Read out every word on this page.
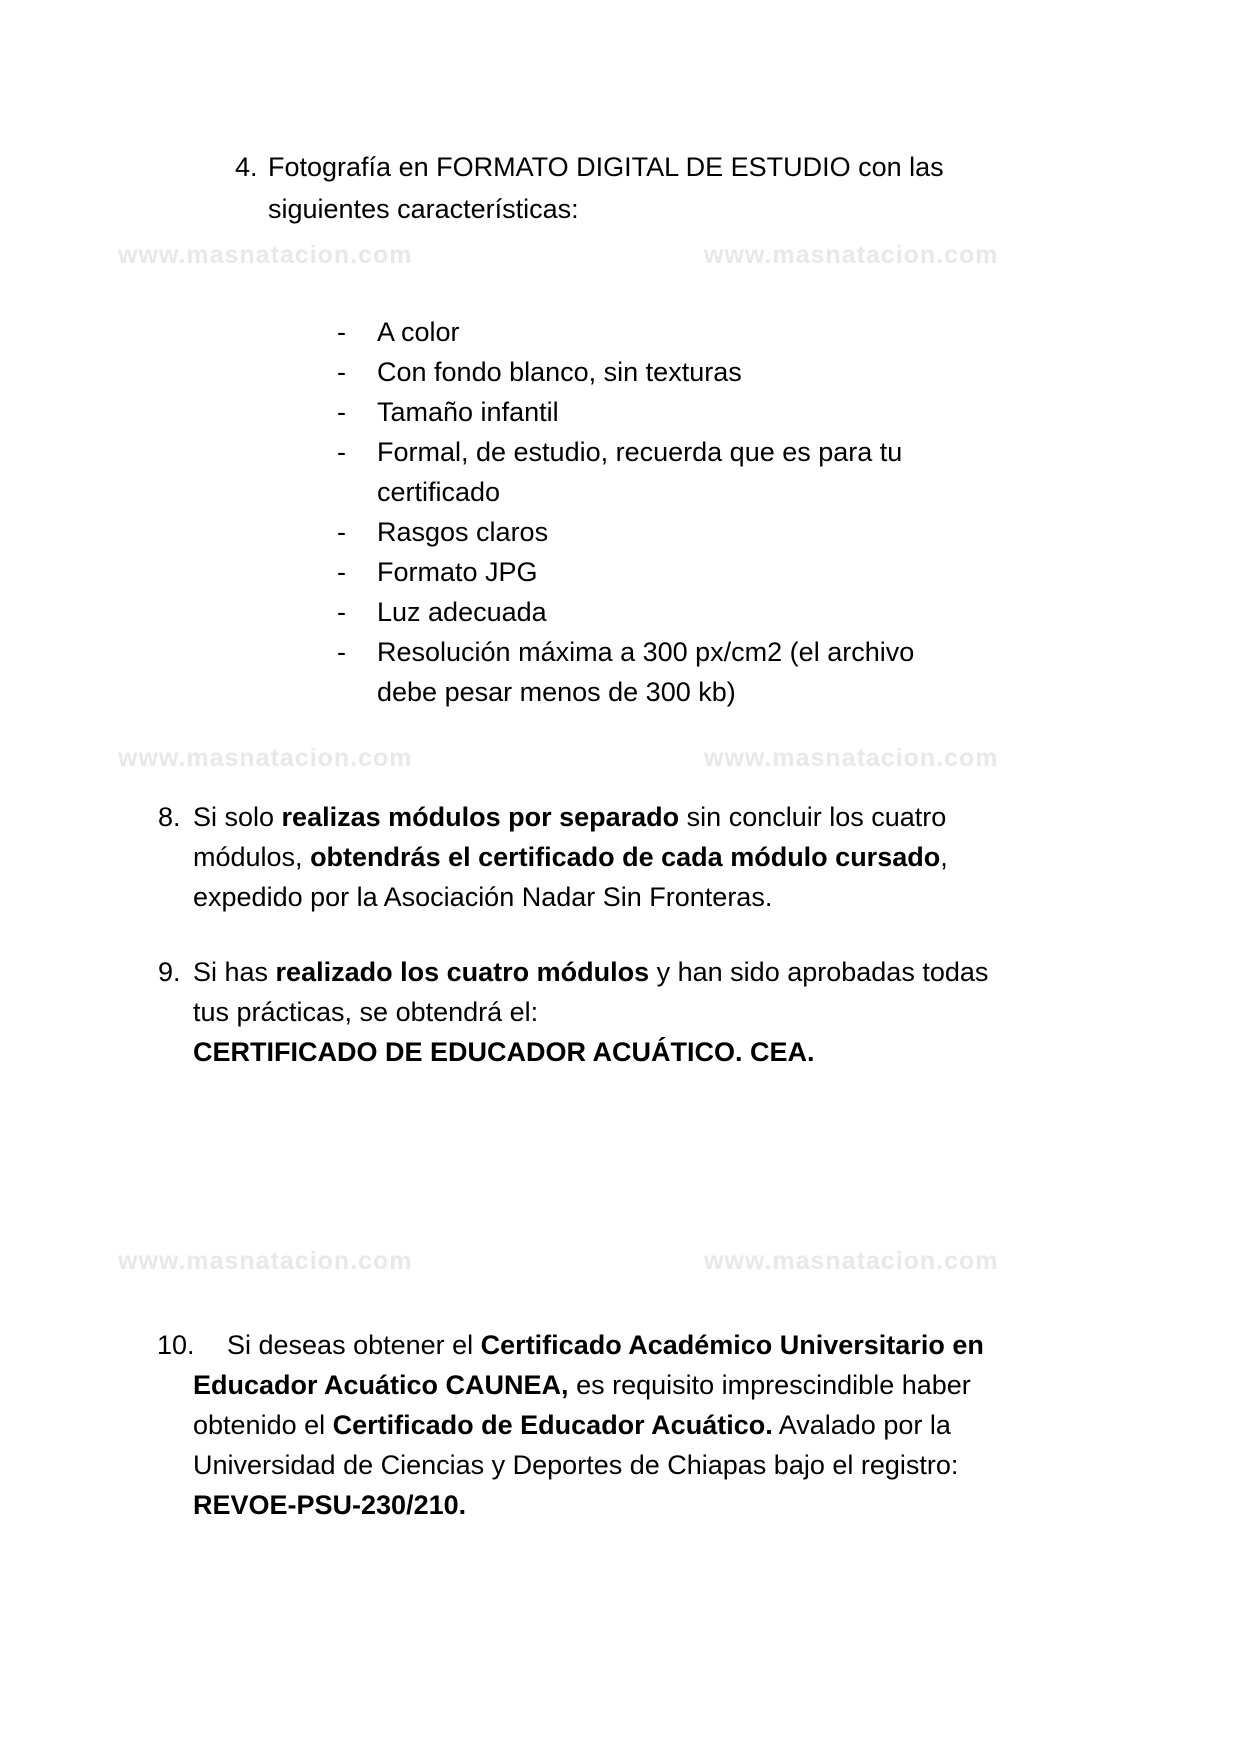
www.masnatacion.com	www.masnatacion.com
www.masnatacion.com	www.masnatacion.com
www.masnatacion.com	www.masnatacion.com
4. Fotografía en FORMATO DIGITAL DE ESTUDIO con las
siguientes características:
- A color
- Con fondo blanco, sin texturas
- Tamaño infantil
- Formal, de estudio, recuerda que es para tu
certificado
- Rasgos claros
- Formato JPG
- Luz adecuada
- Resolución máxima a 300 px/cm2 (el archivo
debe pesar menos de 300 kb)
8. Si solo realizas módulos por separado sin concluir los cuatro
módulos, obtendrás el certificado de cada módulo cursado,
expedido por la Asociación Nadar Sin Fronteras.
9. Si has realizado los cuatro módulos y han sido aprobadas todas
tus prácticas, se obtendrá el:
CERTIFICADO DE EDUCADOR ACUÁTICO. CEA.
10. Si deseas obtener el Certificado Académico Universitario en
Educador Acuático CAUNEA, es requisito imprescindible haber
obtenido el Certificado de Educador Acuático. Avalado por la
Universidad de Ciencias y Deportes de Chiapas bajo el registro:
REVOE-PSU-230/210.
